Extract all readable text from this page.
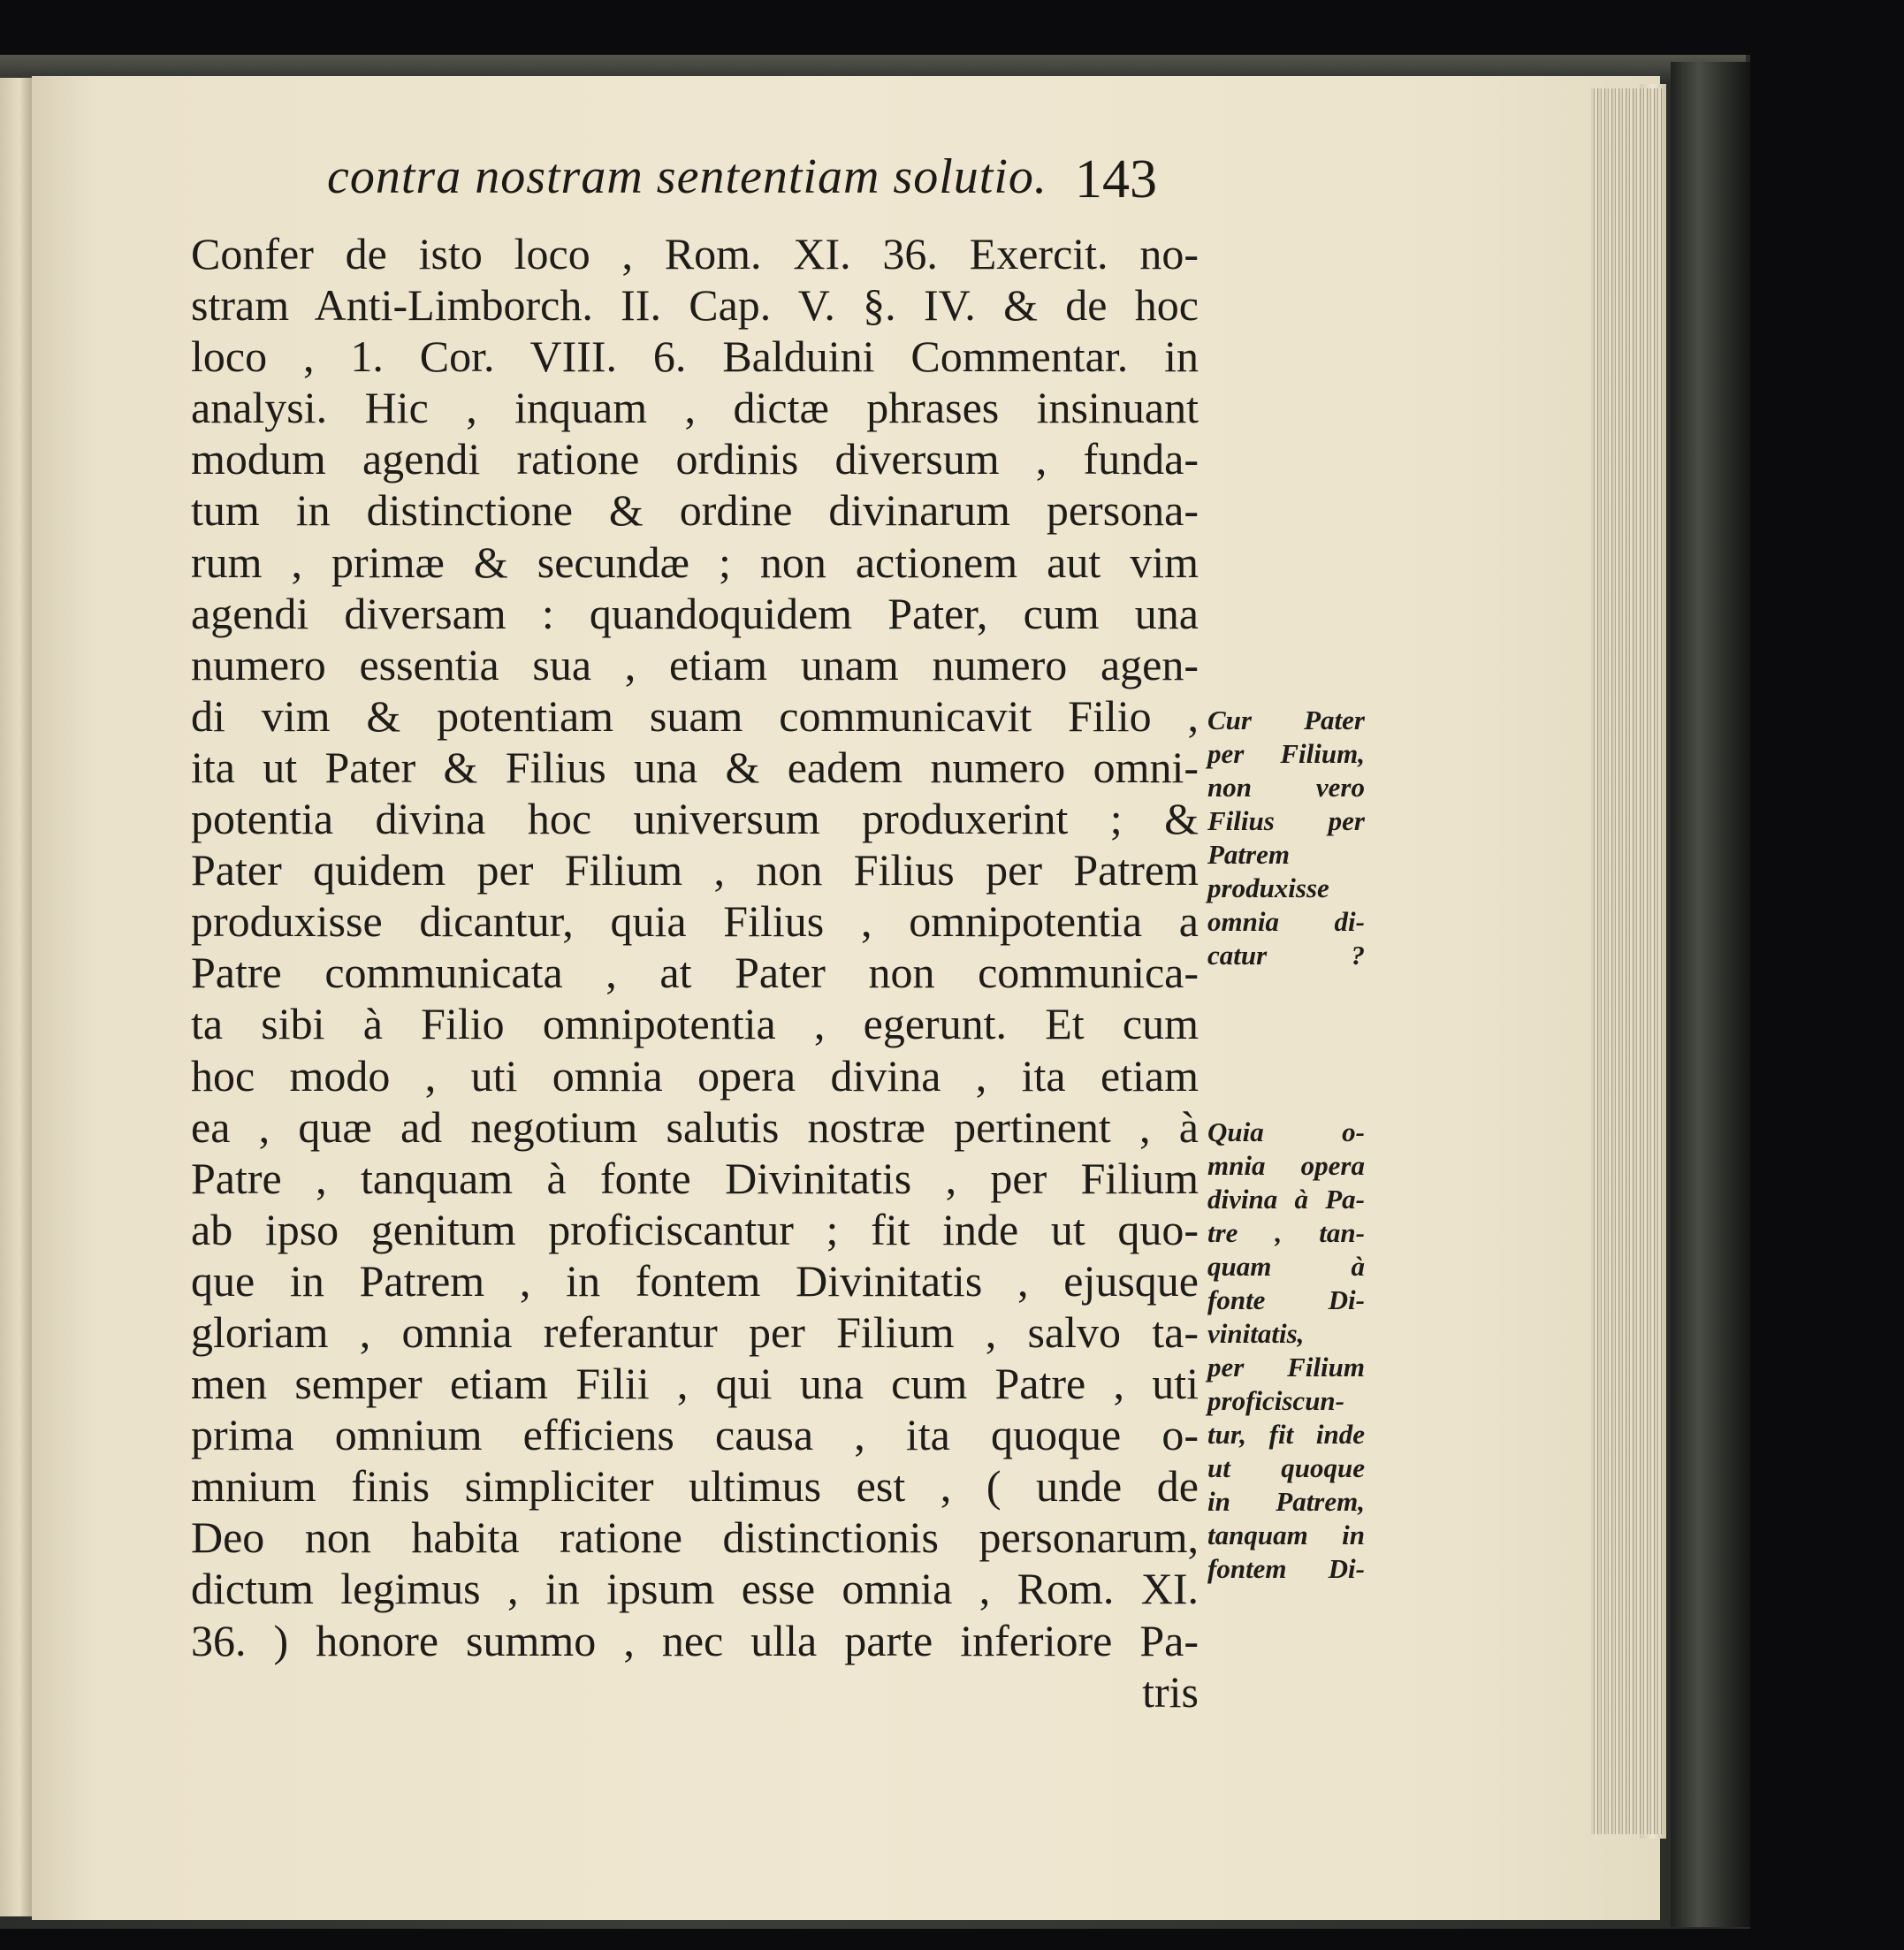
contra nostram sententiam solutio. 143
Confer de isto loco , Rom. XI. 36. Exercit. no-
stram Anti-Limborch. II. Cap. V. §. IV. & de hoc
loco , 1. Cor. VIII. 6. Balduini Commentar. in
analysi. Hic , inquam , dictæ phrases insinuant
modum agendi ratione ordinis diversum , funda-
tum in distinctione & ordine divinarum persona-
rum , primæ & secundæ ; non actionem aut vim
agendi diversam : quandoquidem Pater, cum una
numero essentia sua , etiam unam numero agen-
di vim & potentiam suam communicavit Filio ,
ita ut Pater & Filius una & eadem numero omni-
potentia divina hoc universum produxerint ; &
Pater quidem per Filium , non Filius per Patrem
produxisse dicantur, quia Filius , omnipotentia a
Patre communicata , at Pater non communica-
ta sibi à Filio omnipotentia , egerunt. Et cum
hoc modo , uti omnia opera divina , ita etiam
ea , quæ ad negotium salutis nostræ pertinent , à
Patre , tanquam à fonte Divinitatis , per Filium
ab ipso genitum proficiscantur ; fit inde ut quo-
que in Patrem , in fontem Divinitatis , ejusque
gloriam , omnia referantur per Filium , salvo ta-
men semper etiam Filii , qui una cum Patre , uti
prima omnium efficiens causa , ita quoque o-
mnium finis simpliciter ultimus est , ( unde de
Deo non habita ratione distinctionis personarum,
dictum legimus , in ipsum esse omnia , Rom. XI.
36. ) honore summo , nec ulla parte inferiore Pa-
tris
Cur Pater
per Filium,
non vero
Filius per
Patrem
produxisse
omnia di-
catur ?
Quia o-
mnia opera
divina à Pa-
tre , tan-
quam à
fonte Di-
vinitatis,
per Filium
proficiscun-
tur, fit inde
ut quoque
in Patrem,
tanquam in
fontem Di-
